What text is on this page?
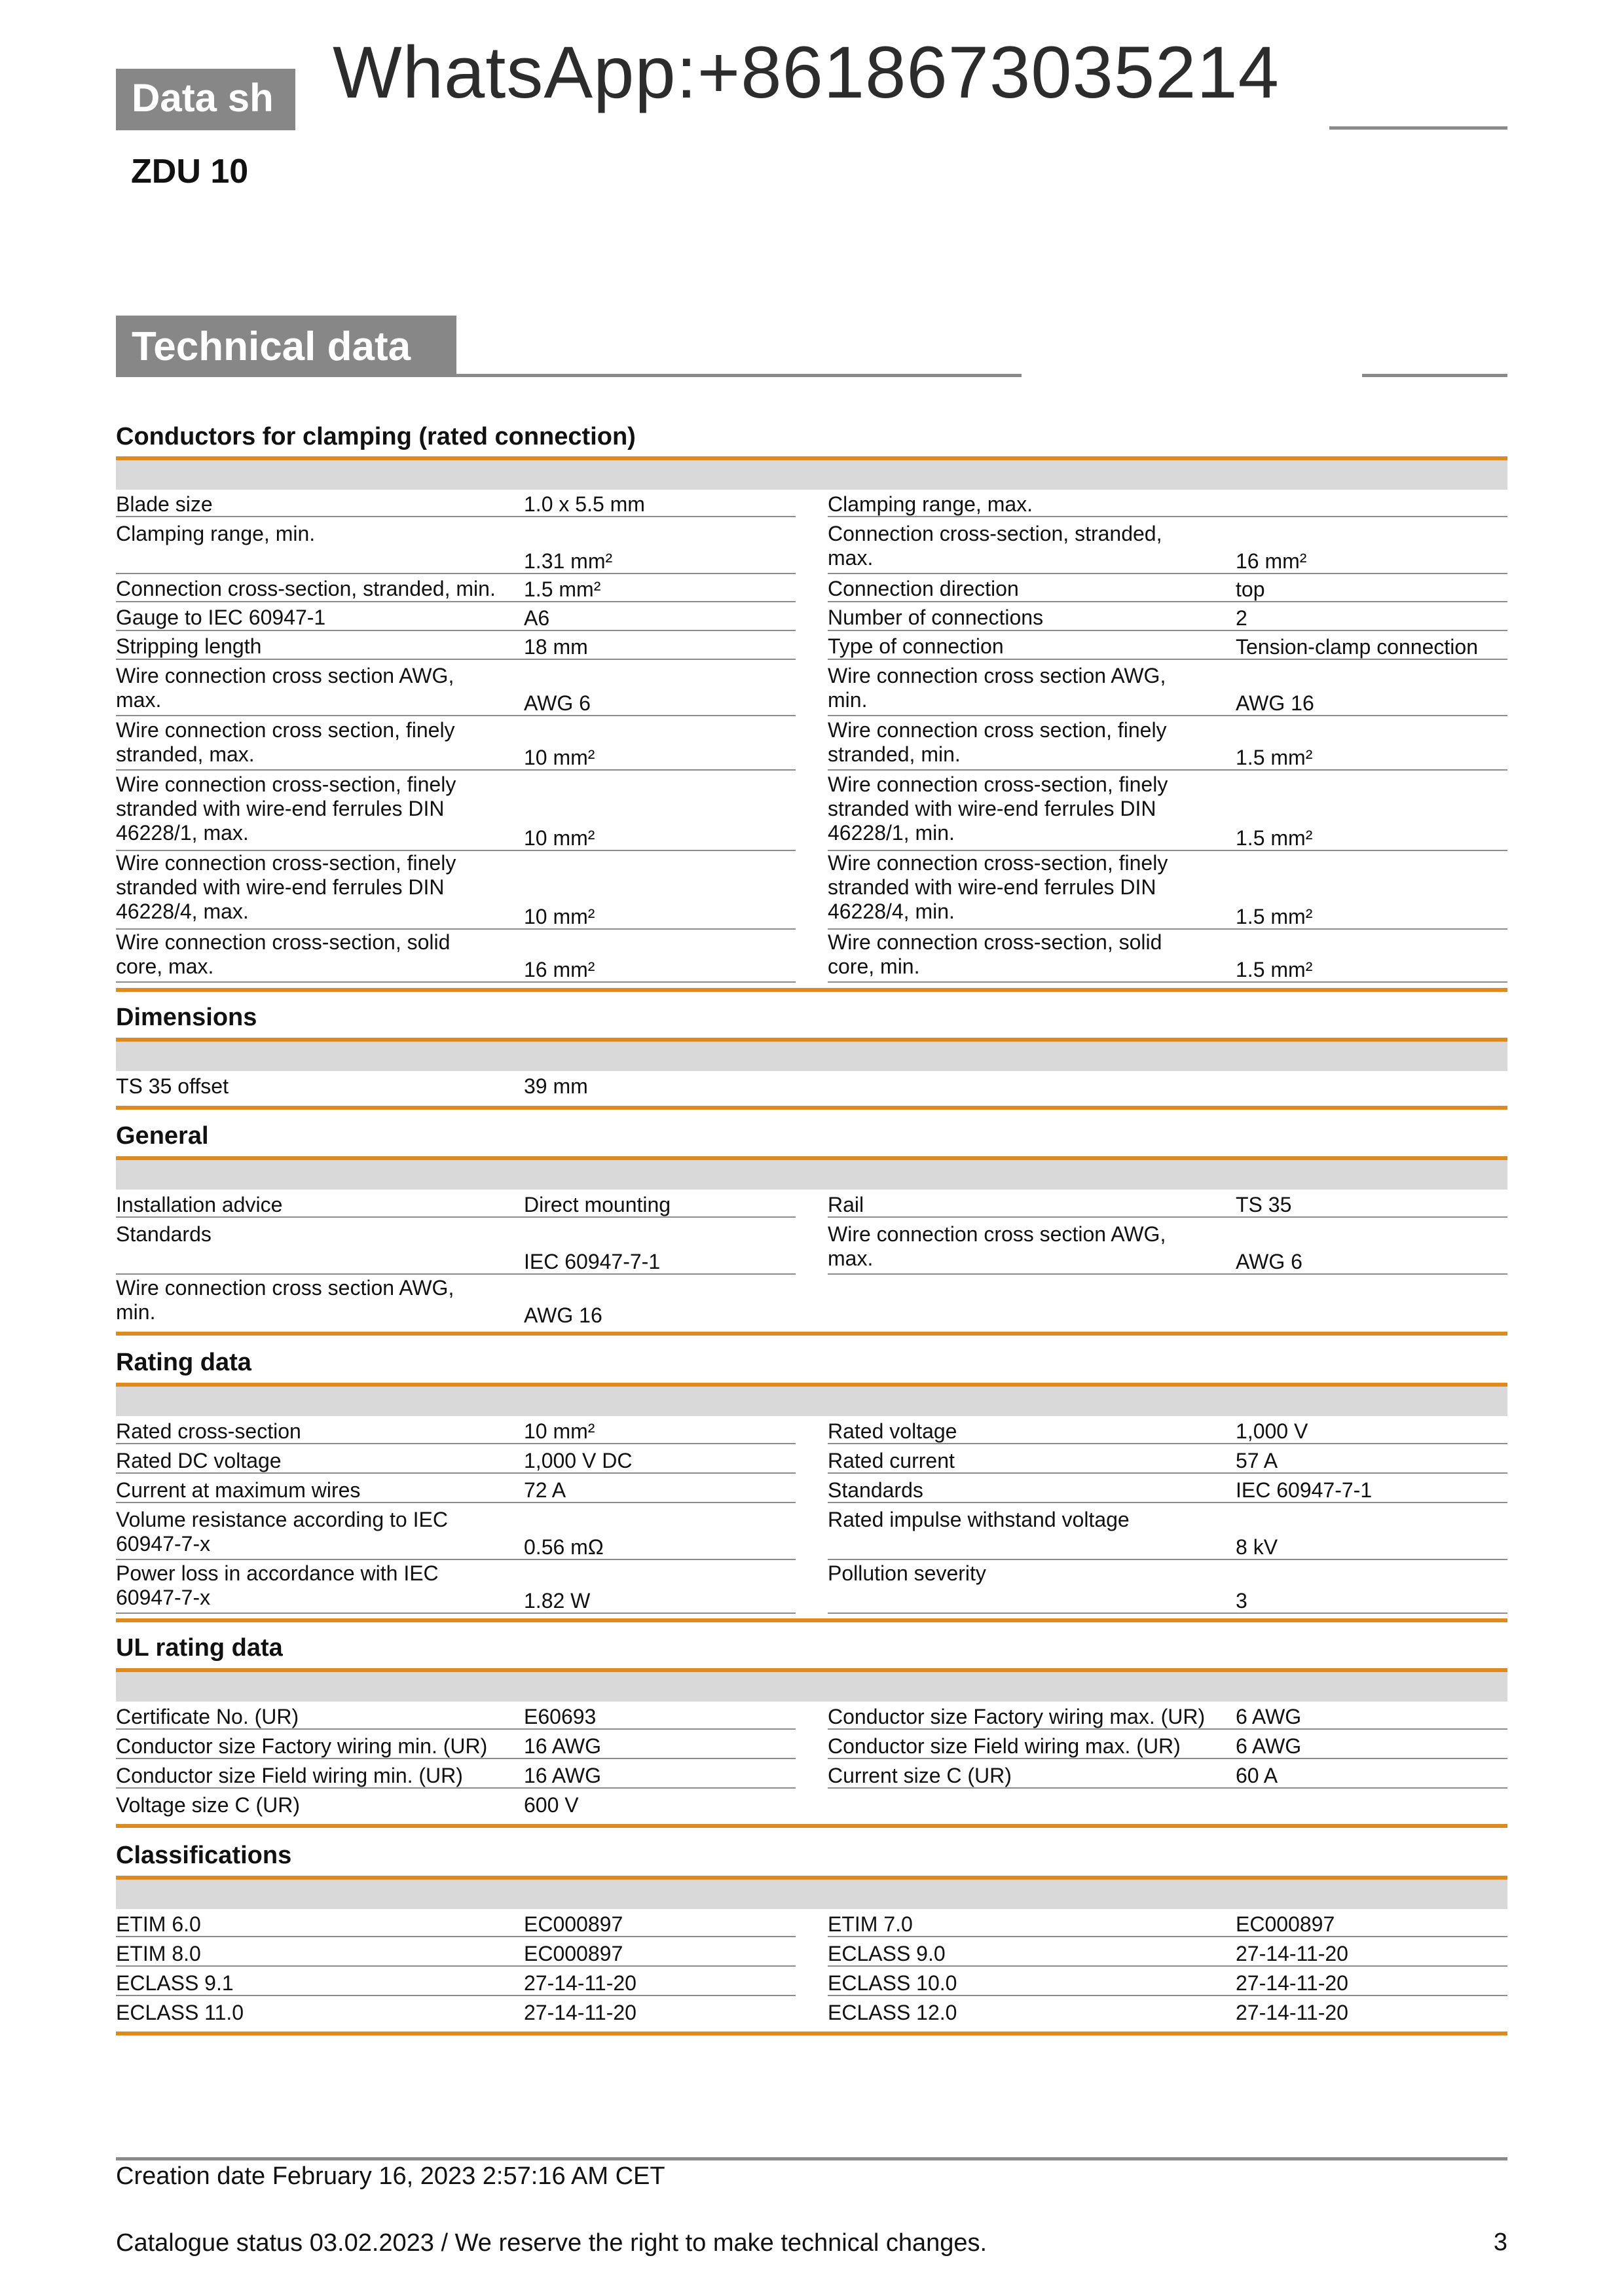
Data sh WhatsApp:+8618673035214
ZDU 10
Technical data
Conductors for clamping (rated connection)
Blade size	1.0 x 5.5 mm
Clamping range, min.
1.31 mm²
Connection cross-section, stranded, min.	1.5 mm²
Gauge to IEC 60947-1	A6
Stripping length	18 mm
Wire connection cross section AWG,
max.	AWG 6
Wire connection cross section, finely
stranded, max.	10 mm²
Wire connection cross-section, finely
stranded with wire-end ferrules DIN
46228/1, max.	10 mm²
Wire connection cross-section, finely
stranded with wire-end ferrules DIN
46228/4, max.	10 mm²
Wire connection cross-section, solid
core, max.	16 mm²
Clamping range, max.
Connection cross-section, stranded,
max.	16 mm²
Connection direction	top
Number of connections	2
Type of connection	Tension-clamp connection
Wire connection cross section AWG,
min.	AWG 16
Wire connection cross section, finely
stranded, min.	1.5 mm²
Wire connection cross-section, finely
stranded with wire-end ferrules DIN
46228/1, min.	1.5 mm²
Wire connection cross-section, finely
stranded with wire-end ferrules DIN
46228/4, min.	1.5 mm²
Wire connection cross-section, solid
core, min.	1.5 mm²
Dimensions
TS 35 offset	39 mm
General
Installation advice	Direct mounting
Standards
IEC 60947-7-1
Wire connection cross section AWG,
min.	AWG 16
Rail	TS 35
Wire connection cross section AWG,
max.	AWG 6
Rating data
Rated cross-section	10 mm²
Rated DC voltage	1,000 V DC
Current at maximum wires	72 A
Volume resistance according to IEC
60947-7-x	0.56 mΩ
Power loss in accordance with IEC
60947-7-x	1.82 W
Rated voltage	1,000 V
Rated current	57 A
Standards	IEC 60947-7-1
Rated impulse withstand voltage
8 kV
Pollution severity
3
UL rating data
Certificate No. (UR)	E60693
Conductor size Factory wiring min. (UR)	16 AWG
Conductor size Field wiring min. (UR)	16 AWG
Voltage size C (UR)	600 V
Conductor size Factory wiring max. (UR)	6 AWG
Conductor size Field wiring max. (UR)	6 AWG
Current size C (UR)	60 A
Classifications
ETIM 6.0	EC000897
ETIM 8.0	EC000897
ECLASS 9.1	27-14-11-20
ECLASS 11.0	27-14-11-20
ETIM 7.0	EC000897
ECLASS 9.0	27-14-11-20
ECLASS 10.0	27-14-11-20
ECLASS 12.0	27-14-11-20
Creation date February 16, 2023 2:57:16 AM CET
Catalogue status 03.02.2023 / We reserve the right to make technical changes.	3
